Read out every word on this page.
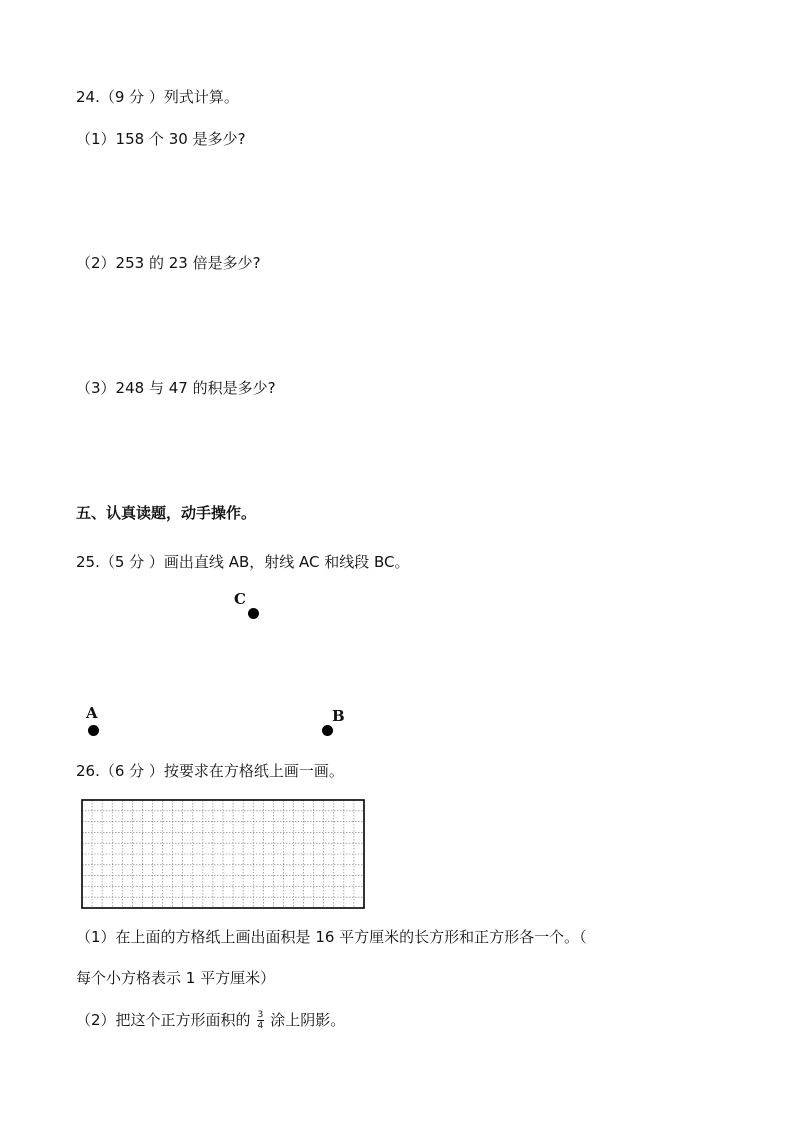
24.（9 分 ）列式计算。
（1）158 个 30 是多少?
（2）253 的 23 倍是多少?
（3）248 与 47 的积是多少?
五、认真读题，动手操作。
25.（5 分 ）画出直线 AB，射线 AC 和线段 BC。
C
A	B
26.（6 分 ）按要求在方格纸上画一画。
（1）在上面的方格纸上画出面积是 16 平方厘米的长方形和正方形各一个。（
每个小方格表示 1 平方厘米）
（2）把这个正方形面积的 $\frac{3}{4}$ 涂上阴影。
